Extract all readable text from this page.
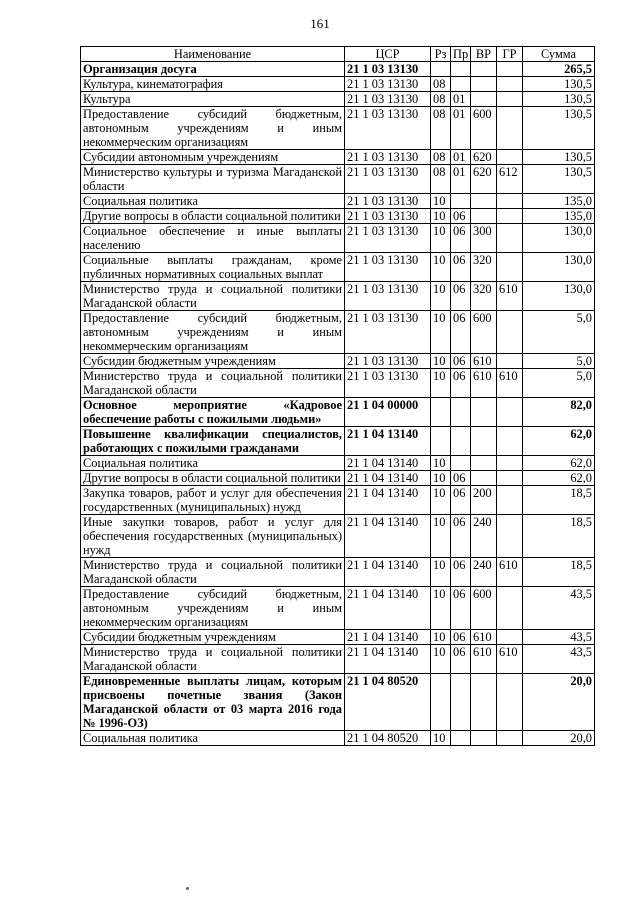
161
Наименование	ЦСР	Рз	Пр	ВР	ГР	Сумма
Организация досуга	21 1 03 13130					265,5
Культура, кинематография	21 1 03 13130	08				130,5
Культура	21 1 03 13130	08	01			130,5
Предоставление субсидий бюджетным, автономным учреждениям и иным некоммерческим организациям	21 1 03 13130	08	01	600		130,5
Субсидии автономным учреждениям	21 1 03 13130	08	01	620		130,5
Министерство культуры и туризма Магаданской области	21 1 03 13130	08	01	620	612	130,5
Социальная политика	21 1 03 13130	10				135,0
Другие вопросы в области социальной политики	21 1 03 13130	10	06			135,0
Социальное обеспечение и иные выплаты населению	21 1 03 13130	10	06	300		130,0
Социальные выплаты гражданам, кроме публичных нормативных социальных выплат	21 1 03 13130	10	06	320		130,0
Министерство труда и социальной политики Магаданской области	21 1 03 13130	10	06	320	610	130,0
Предоставление субсидий бюджетным, автономным учреждениям и иным некоммерческим организациям	21 1 03 13130	10	06	600		5,0
Субсидии бюджетным учреждениям	21 1 03 13130	10	06	610		5,0
Министерство труда и социальной политики Магаданской области	21 1 03 13130	10	06	610	610	5,0
Основное мероприятие «Кадровое обеспечение работы с пожилыми людьми»	21 1 04 00000					82,0
Повышение квалификации специалистов, работающих с пожилыми гражданами	21 1 04 13140					62,0
Социальная политика	21 1 04 13140	10				62,0
Другие вопросы в области социальной политики	21 1 04 13140	10	06			62,0
Закупка товаров, работ и услуг для обеспечения государственных (муниципальных) нужд	21 1 04 13140	10	06	200		18,5
Иные закупки товаров, работ и услуг для обеспечения государственных (муниципальных) нужд	21 1 04 13140	10	06	240		18,5
Министерство труда и социальной политики Магаданской области	21 1 04 13140	10	06	240	610	18,5
Предоставление субсидий бюджетным, автономным учреждениям и иным некоммерческим организациям	21 1 04 13140	10	06	600		43,5
Субсидии бюджетным учреждениям	21 1 04 13140	10	06	610		43,5
Министерство труда и социальной политики Магаданской области	21 1 04 13140	10	06	610	610	43,5
Единовременные выплаты лицам, которым присвоены почетные звания (Закон Магаданской области от 03 марта 2016 года № 1996-ОЗ)	21 1 04 80520					20,0
Социальная политика	21 1 04 80520	10				20,0
